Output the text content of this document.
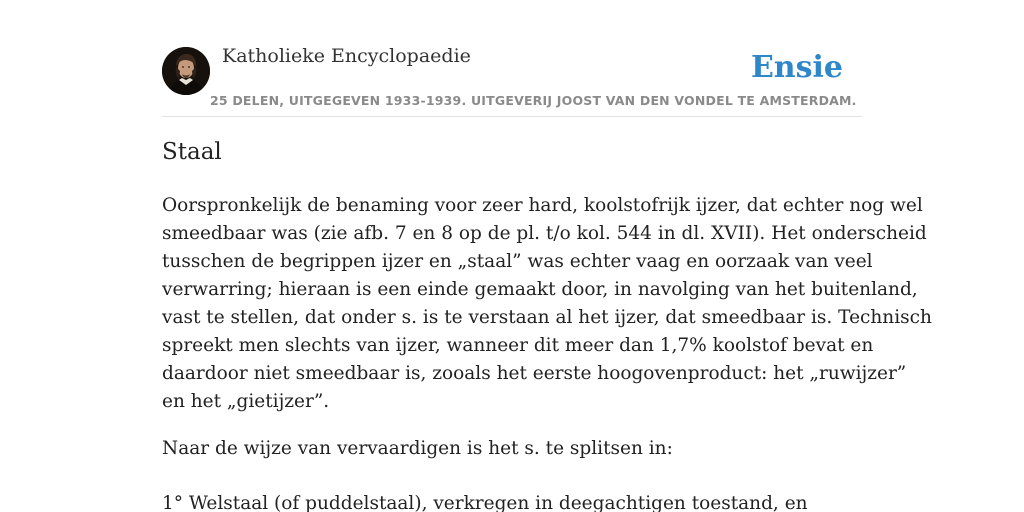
Katholieke Encyclopaedie
25 DELEN, UITGEGEVEN 1933-1939. UITGEVERIJ JOOST VAN DEN VONDEL TE AMSTERDAM.
Ensie
Staal

Oorspronkelijk de benaming voor zeer hard, koolstofrijk ijzer, dat echter nog wel
smeedbaar was (zie afb. 7 en 8 op de pl. t/o kol. 544 in dl. XVII). Het onderscheid
tusschen de begrippen ijzer en „staal” was echter vaag en oorzaak van veel
verwarring; hieraan is een einde gemaakt door, in navolging van het buitenland,
vast te stellen, dat onder s. is te verstaan al het ijzer, dat smeedbaar is. Technisch
spreekt men slechts van ijzer, wanneer dit meer dan 1,7% koolstof bevat en
daardoor niet smeedbaar is, zooals het eerste hoogovenproduct: het „ruwijzer”
en het „gietijzer”.

Naar de wijze van vervaardigen is het s. te splitsen in:

1° Welstaal (of puddelstaal), verkregen in deegachtigen toestand, en
